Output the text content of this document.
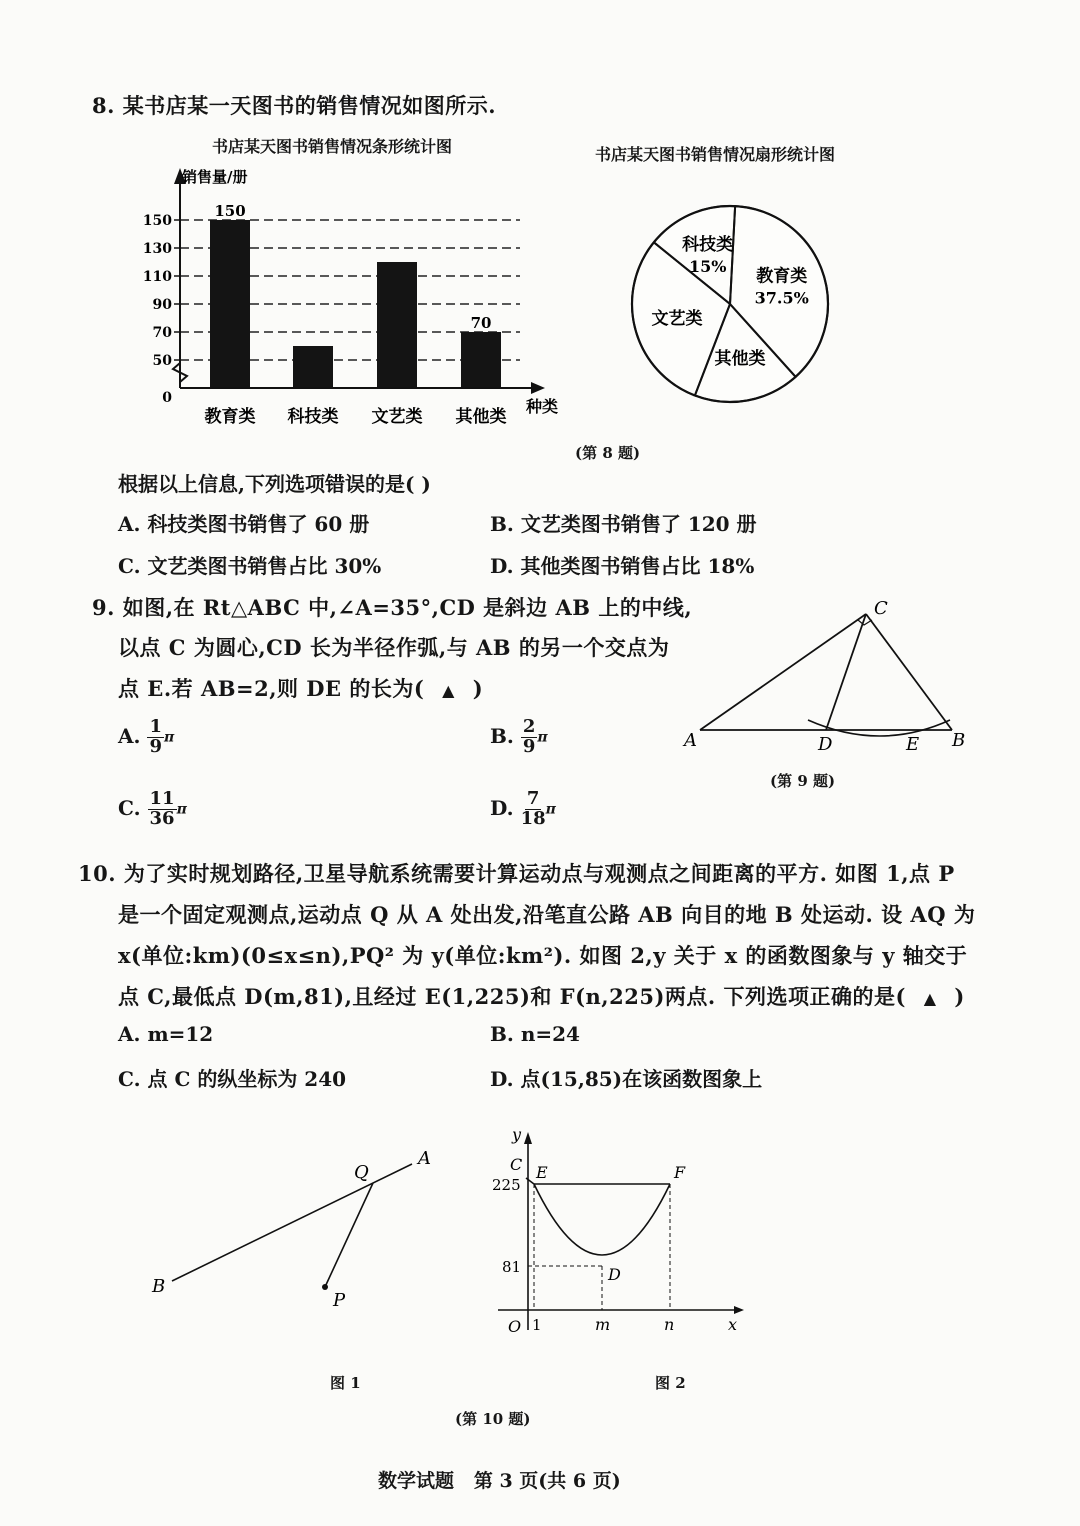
8. 某书店某一天图书的销售情况如图所示.
书店某天图书销售情况条形统计图	书店某天图书销售情况扇形统计图
销售量/册
种类
0
50
70
90
110
130
150
教育类 科技类 文艺类 其他类
150
70
教育类
37.5%
其他类
文艺类
科技类
15%
(第 8 题)
根据以上信息,下列选项错误的是( )
A. 科技类图书销售了 60 册	B. 文艺类图书销售了 120 册
C. 文艺类图书销售占比 30%	D. 其他类图书销售占比 18%
9. 如图,在 Rt△ABC 中,∠A=35°,CD 是斜边 AB 上的中线,
以点 C 为圆心,CD 长为半径作弧,与 AB 的另一个交点为
点 E.若 AB=2,则 DE 的长为( ▲ )
A. $\frac{1}{9}$ π	B. $\frac{2}{9}$ π
C. $\frac{11}{36}$ π	D. $\frac{7}{18}$ π
A	B
C
D	E
(第 9 题)
10. 为了实时规划路径,卫星导航系统需要计算运动点与观测点之间距离的平方. 如图 1,点 P
是一个固定观测点,运动点 Q 从 A 处出发,沿笔直公路 AB 向目的地 B 处运动. 设 AQ 为
x(单位:km)(0≤x≤n),PQ² 为 y(单位:km²). 如图 2,y 关于 x 的函数图象与 y 轴交于
点 C,最低点 D(m,81),且经过 E(1,225)和 F(n,225)两点. 下列选项正确的是( ▲ )
A. m=12	B. n=24
C. 点 C 的纵坐标为 240	D. 点(15,85)在该函数图象上
A
B
Q
P
图 1
y
x
O
C E	F
D
225
81
1	m	n
图 2
(第 10 题)
数学试题   第 3 页(共 6 页)
